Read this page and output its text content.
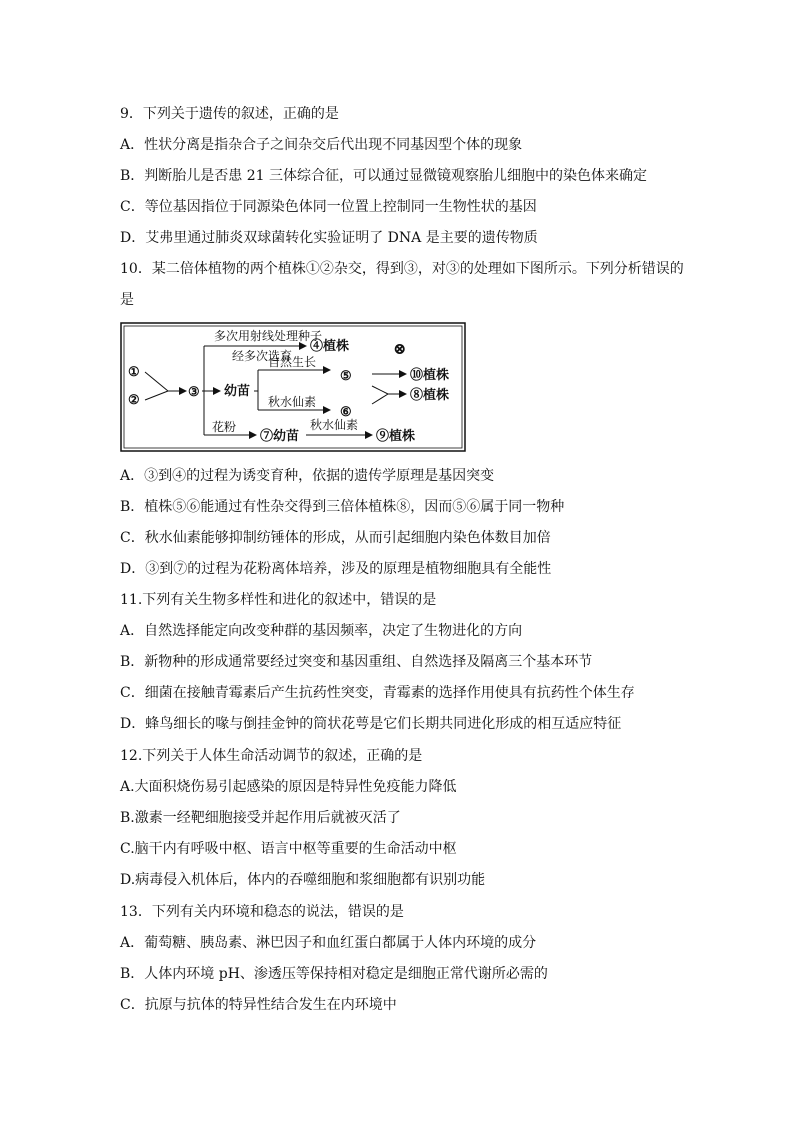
9．下列关于遗传的叙述，正确的是
A．性状分离是指杂合子之间杂交后代出现不同基因型个体的现象
B．判断胎儿是否患 21 三体综合征，可以通过显微镜观察胎儿细胞中的染色体来确定
C．等位基因指位于同源染色体同一位置上控制同一生物性状的基因
D．艾弗里通过肺炎双球菌转化实验证明了 DNA 是主要的遗传物质
10．某二倍体植物的两个植株①②杂交，得到③，对③的处理如下图所示。下列分析错误的
是
①
②
③
多次用射线处理种子
④植株
经多次选育
幼苗
自然生长
秋水仙素
⑤
⑥
⊗
⑩植株
⑧植株
花粉
⑦幼苗
秋水仙素
⑨植株
A．③到④的过程为诱变育种，依据的遗传学原理是基因突变
B．植株⑤⑥能通过有性杂交得到三倍体植株⑧，因而⑤⑥属于同一物种
C．秋水仙素能够抑制纺锤体的形成，从而引起细胞内染色体数目加倍
D．③到⑦的过程为花粉离体培养，涉及的原理是植物细胞具有全能性
11.下列有关生物多样性和进化的叙述中，错误的是
A．自然选择能定向改变种群的基因频率，决定了生物进化的方向
B．新物种的形成通常要经过突变和基因重组、自然选择及隔离三个基本环节
C．细菌在接触青霉素后产生抗药性突变，青霉素的选择作用使具有抗药性个体生存
D．蜂鸟细长的喙与倒挂金钟的筒状花萼是它们长期共同进化形成的相互适应特征
12.下列关于人体生命活动调节的叙述，正确的是
A.大面积烧伤易引起感染的原因是特异性免疫能力降低
B.激素一经靶细胞接受并起作用后就被灭活了
C.脑干内有呼吸中枢、语言中枢等重要的生命活动中枢
D.病毒侵入机体后，体内的吞噬细胞和浆细胞都有识别功能
13．下列有关内环境和稳态的说法，错误的是
A．葡萄糖、胰岛素、淋巴因子和血红蛋白都属于人体内环境的成分
B．人体内环境 pH、渗透压等保持相对稳定是细胞正常代谢所必需的
C．抗原与抗体的特异性结合发生在内环境中
